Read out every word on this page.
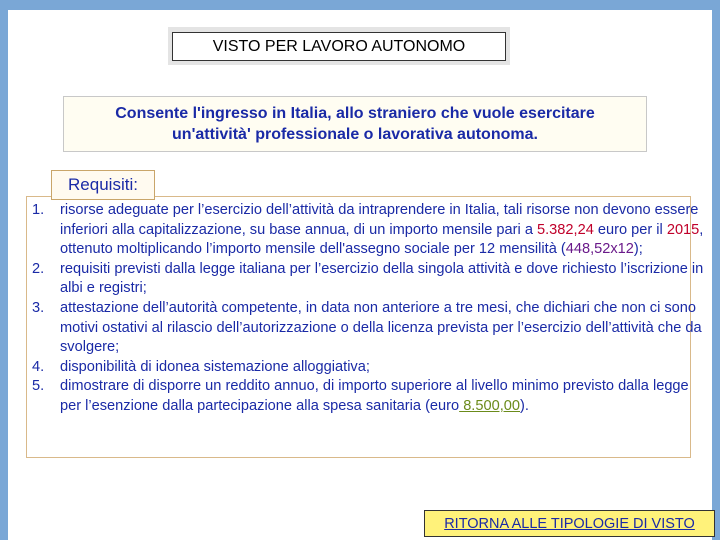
VISTO PER LAVORO AUTONOMO
Consente l'ingresso in Italia, allo straniero che vuole esercitare
un'attività' professionale o lavorativa autonoma.
Requisiti:
risorse adeguate per l’esercizio dell’attività da intraprendere in Italia, tali risorse non devono essere inferiori alla capitalizzazione, su base annua, di un importo mensile pari a 5.382,24 euro per il 2015, ottenuto moltiplicando l’importo mensile dell'assegno sociale per 12 mensilità (448,52x12);
requisiti previsti dalla legge italiana per l’esercizio della singola attività e dove richiesto l’iscrizione in albi e registri;
attestazione dell’autorità competente, in data non anteriore a tre mesi, che dichiari che non ci sono motivi ostativi al rilascio dell’autorizzazione o della licenza prevista per l’esercizio dell’attività che da svolgere;
disponibilità di idonea sistemazione alloggiativa;
dimostrare di disporre un reddito annuo, di importo superiore al livello minimo previsto dalla legge per l’esenzione dalla partecipazione alla spesa sanitaria (euro 8.500,00).
RITORNA ALLE TIPOLOGIE DI VISTO
